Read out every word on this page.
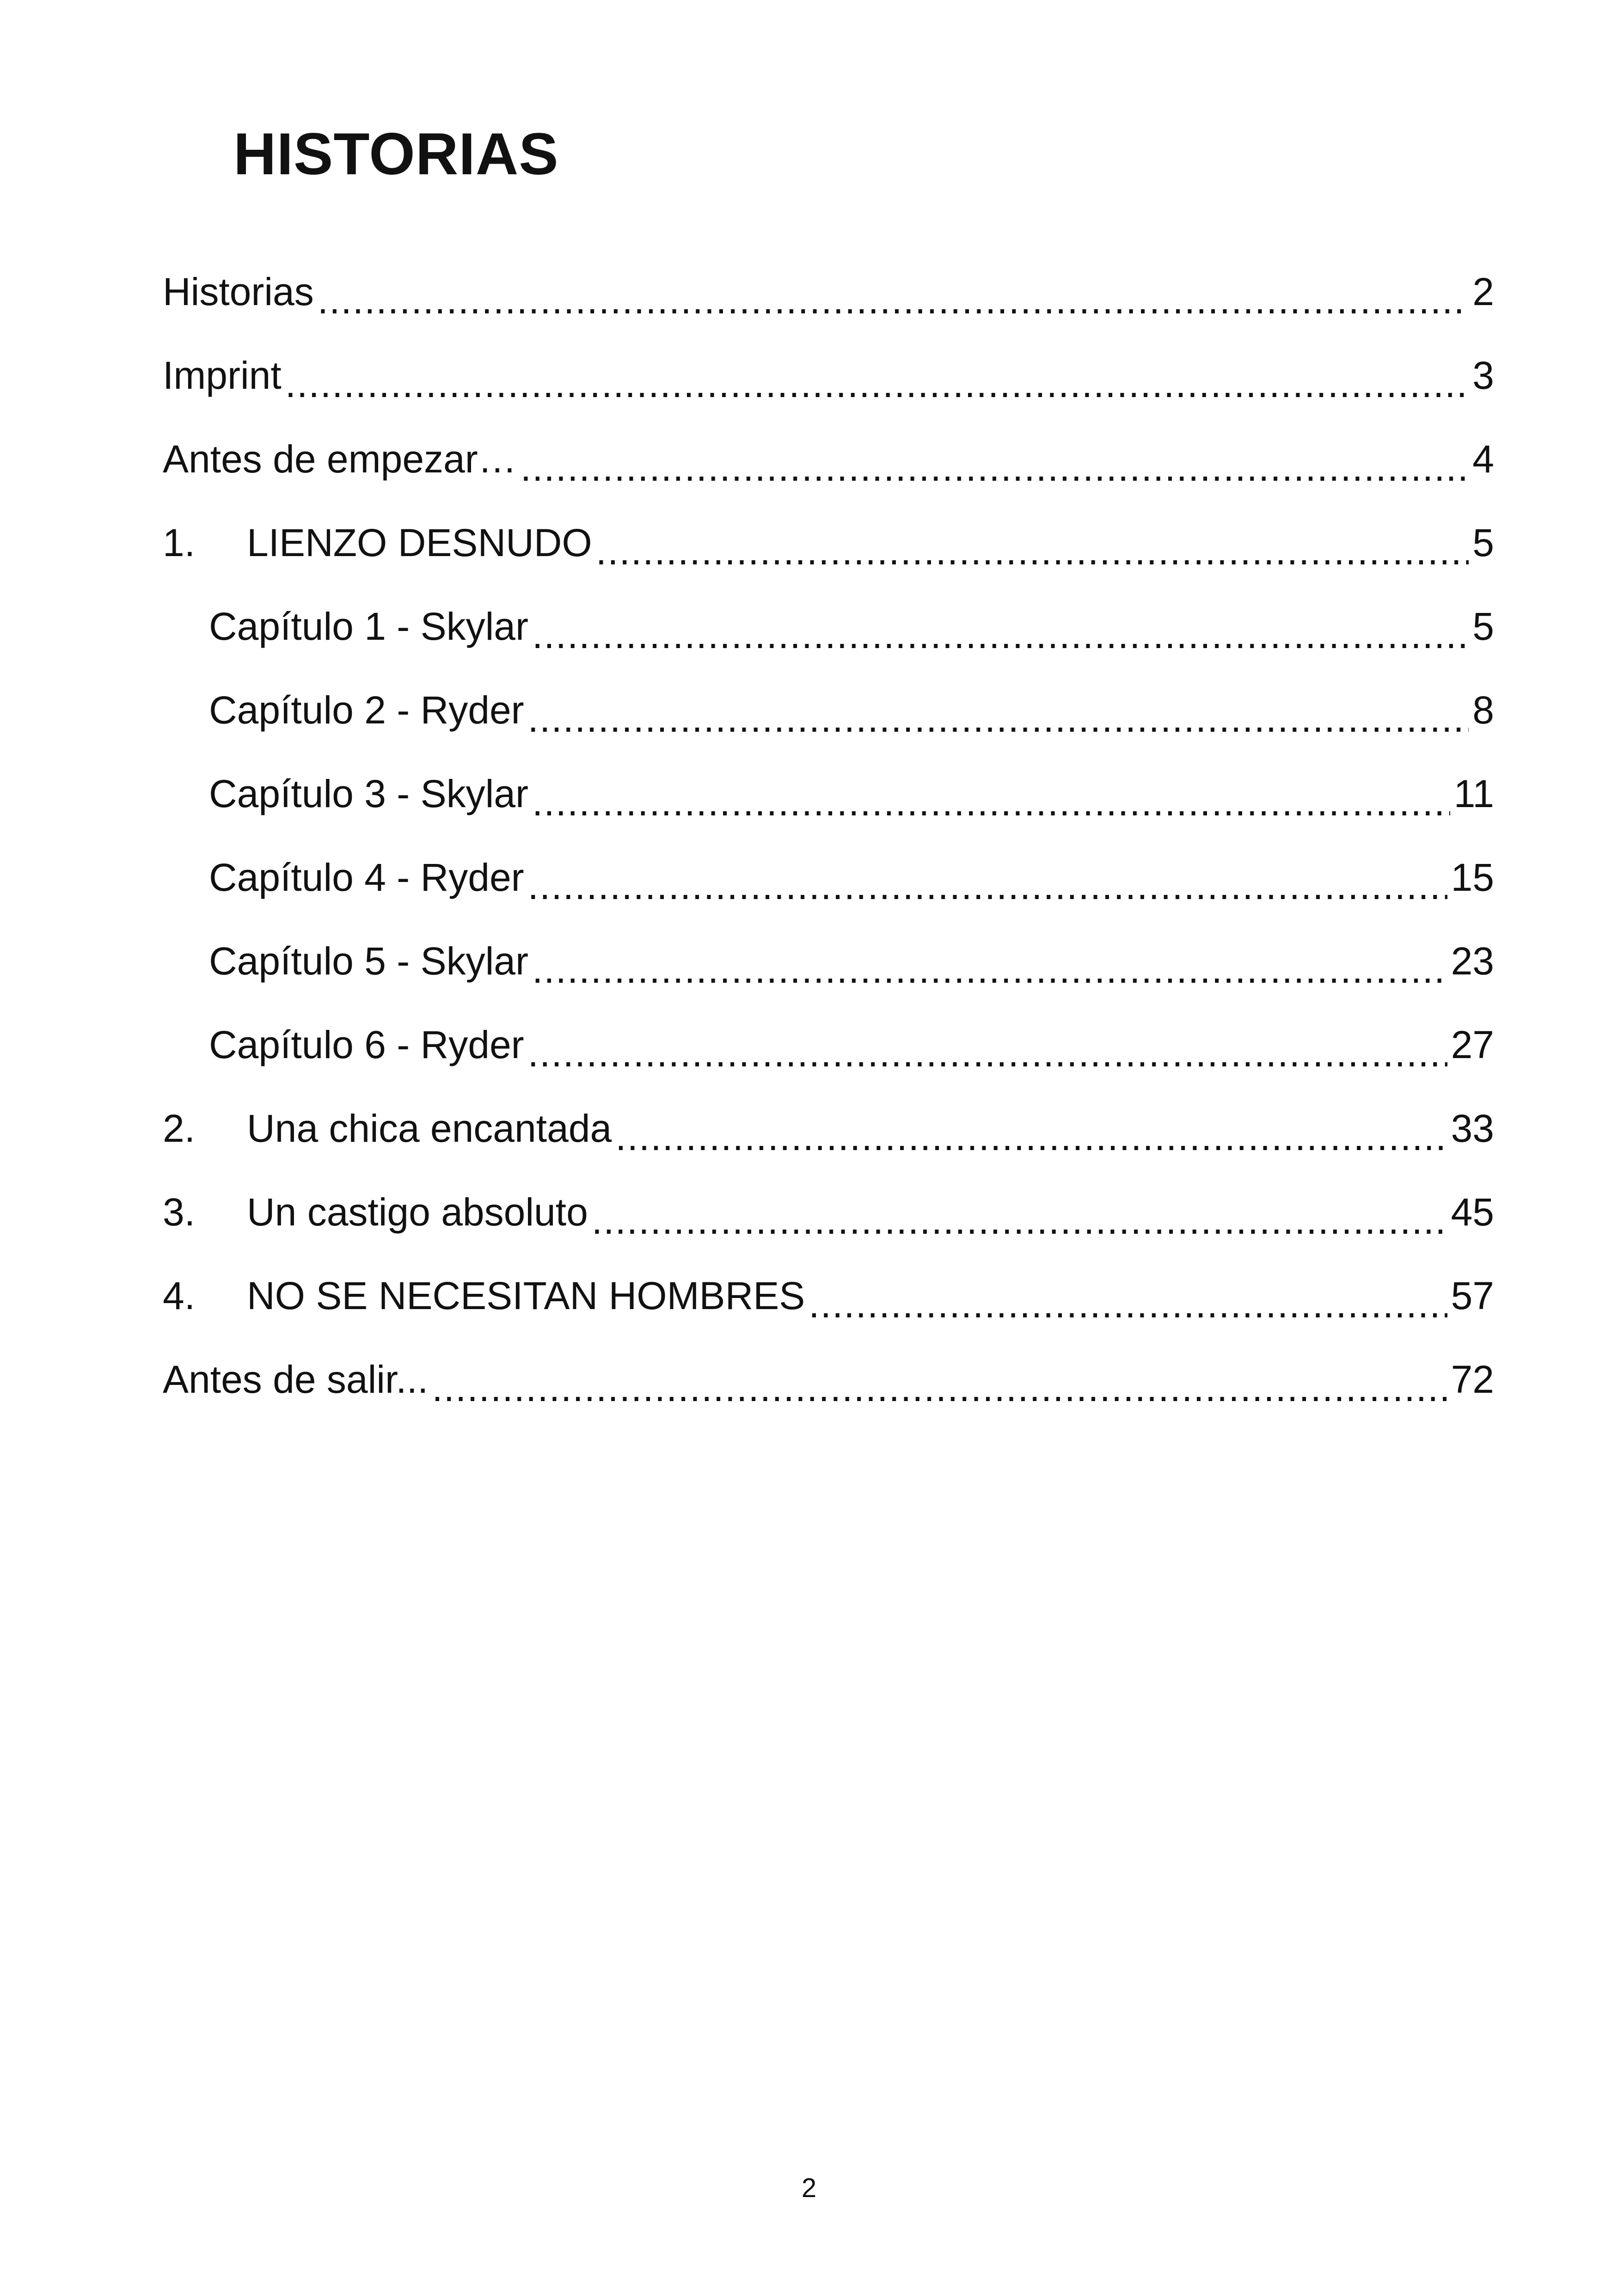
HISTORIAS
Historias .....	2
Imprint .....	3
Antes de empezar… .....	4
1.	LIENZO DESNUDO .....	5
Capítulo 1 - Skylar .....	5
Capítulo 2 - Ryder .....	8
Capítulo 3 - Skylar .....	11
Capítulo 4 - Ryder .....	15
Capítulo 5 - Skylar .....	23
Capítulo 6 - Ryder .....	27
2.	Una chica encantada .....	33
3.	Un castigo absoluto .....	45
4.	NO SE NECESITAN HOMBRES .....	57
Antes de salir... .....	72
2
